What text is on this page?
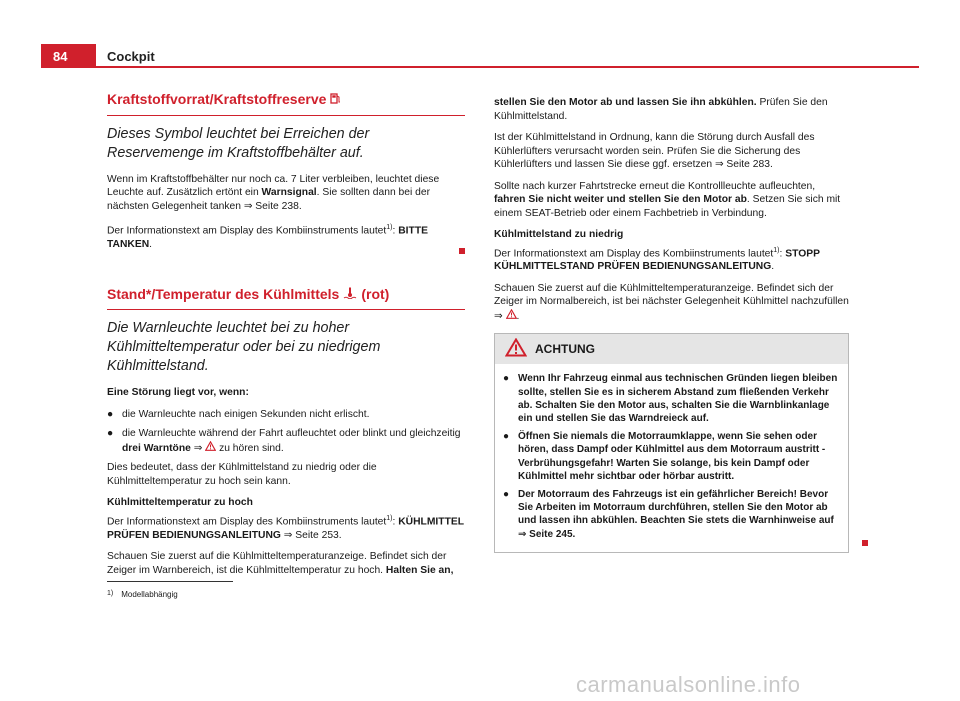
84	Cockpit
Kraftstoffvorrat/Kraftstoffreserve
Dieses Symbol leuchtet bei Erreichen der Reservemenge im Kraftstoffbehälter auf.

Wenn im Kraftstoffbehälter nur noch ca. 7 Liter verbleiben, leuchtet diese Leuchte auf. Zusätzlich ertönt ein Warnsignal. Sie sollten dann bei der nächsten Gelegenheit tanken ⇒ Seite 238.

Der Informationstext am Display des Kombiinstruments lautet$^{1)}$: BITTE TANKEN.

Stand*/Temperatur des Kühlmittels (rot)
Die Warnleuchte leuchtet bei zu hoher Kühlmitteltemperatur oder bei zu niedrigem Kühlmittelstand.

Eine Störung liegt vor, wenn:

● die Warnleuchte nach einigen Sekunden nicht erlischt.
● die Warnleuchte während der Fahrt aufleuchtet oder blinkt und gleichzeitig drei Warntöne ⇒  zu hören sind.

Dies bedeutet, dass der Kühlmittelstand zu niedrig oder die Kühlmitteltemperatur zu hoch sein kann.

Kühlmitteltemperatur zu hoch

Der Informationstext am Display des Kombiinstruments lautet$^{1)}$: KÜHLMITTEL PRÜFEN BEDIENUNGSANLEITUNG ⇒ Seite 253.

Schauen Sie zuerst auf die Kühlmitteltemperaturanzeige. Befindet sich der Zeiger im Warnbereich, ist die Kühlmitteltemperatur zu hoch. Halten Sie an,

stellen Sie den Motor ab und lassen Sie ihn abkühlen. Prüfen Sie den Kühlmittelstand.

Ist der Kühlmittelstand in Ordnung, kann die Störung durch Ausfall des Kühlerlüfters verursacht worden sein. Prüfen Sie die Sicherung des Kühlerlüfters und lassen Sie diese ggf. ersetzen ⇒ Seite 283.

Sollte nach kurzer Fahrtstrecke erneut die Kontrollleuchte aufleuchten, fahren Sie nicht weiter und stellen Sie den Motor ab. Setzen Sie sich mit einem SEAT-Betrieb oder einem Fachbetrieb in Verbindung.

Kühlmittelstand zu niedrig

Der Informationstext am Display des Kombiinstruments lautet$^{1)}$: STOPP KÜHLMITTELSTAND PRÜFEN BEDIENUNGSANLEITUNG.

Schauen Sie zuerst auf die Kühlmitteltemperaturanzeige. Befindet sich der Zeiger im Normalbereich, ist bei nächster Gelegenheit Kühlmittel nachzufüllen ⇒ .

ACHTUNG
● Wenn Ihr Fahrzeug einmal aus technischen Gründen liegen bleiben sollte, stellen Sie es in sicherem Abstand zum fließenden Verkehr ab. Schalten Sie den Motor aus, schalten Sie die Warnblinkanlage ein und stellen Sie das Warndreieck auf.
● Öffnen Sie niemals die Motorraumklappe, wenn Sie sehen oder hören, dass Dampf oder Kühlmittel aus dem Motorraum austritt - Verbrühungsgefahr! Warten Sie solange, bis kein Dampf oder Kühlmittel mehr sichtbar oder hörbar austritt.
● Der Motorraum des Fahrzeugs ist ein gefährlicher Bereich! Bevor Sie Arbeiten im Motorraum durchführen, stellen Sie den Motor ab und lassen ihn abkühlen. Beachten Sie stets die Warnhinweise auf ⇒ Seite 245.
1) Modellabhängig
carmanualsonline.info
